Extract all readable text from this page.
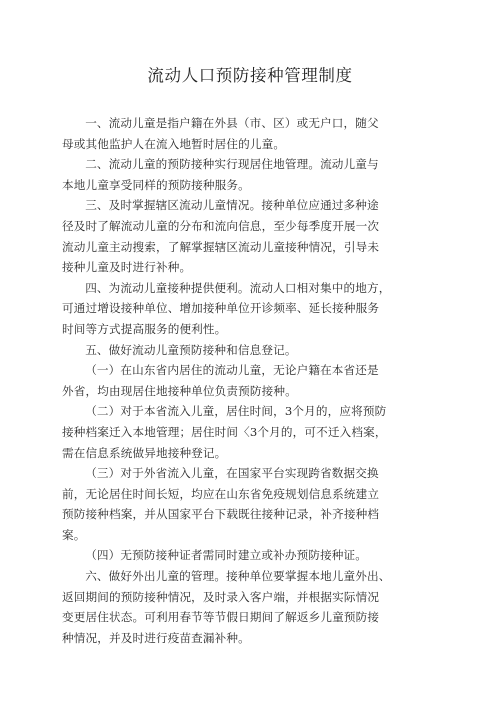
流动人口预防接种管理制度

一、流动儿童是指户籍在外县（市、区）或无户口，随父
母或其他监护人在流入地暂时居住的儿童。

二、流动儿童的预防接种实行现居住地管理。流动儿童与
本地儿童享受同样的预防接种服务。

三、及时掌握辖区流动儿童情况。接种单位应通过多种途
径及时了解流动儿童的分布和流向信息，至少每季度开展一次
流动儿童主动搜索，了解掌握辖区流动儿童接种情况，引导未
接种儿童及时进行补种。

四、为流动儿童接种提供便利。流动人口相对集中的地方，
可通过增设接种单位、增加接种单位开诊频率、延长接种服务
时间等方式提高服务的便利性。

五、做好流动儿童预防接种和信息登记。

（一）在山东省内居住的流动儿童，无论户籍在本省还是
外省，均由现居住地接种单位负责预防接种。

（二）对于本省流入儿童，居住时间，3个月的，应将预防
接种档案迁入本地管理；居住时间〈3个月的，可不迁入档案，
需在信息系统做异地接种登记。

（三）对于外省流入儿童，在国家平台实现跨省数据交换
前，无论居住时间长短，均应在山东省免疫规划信息系统建立
预防接种档案，并从国家平台下载既往接种记录，补齐接种档
案。

（四）无预防接种证者需同时建立或补办预防接种证。

六、做好外出儿童的管理。接种单位要掌握本地儿童外出、
返回期间的预防接种情况，及时录入客户端，并根据实际情况
变更居住状态。可利用春节等节假日期间了解返乡儿童预防接
种情况，并及时进行疫苗查漏补种。
